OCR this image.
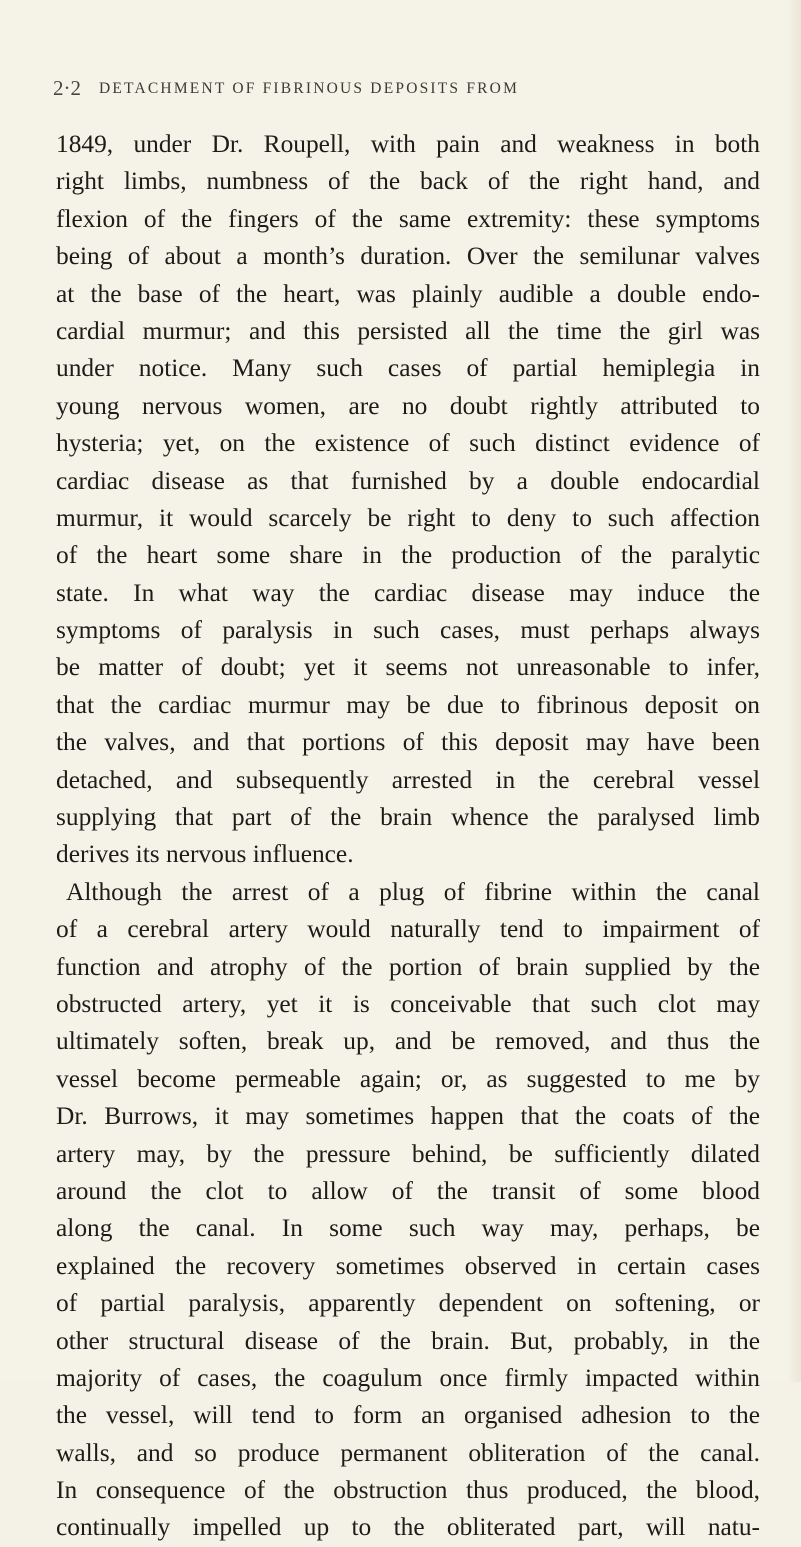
2·2 DETACHMENT OF FIBRINOUS DEPOSITS FROM
1849, under Dr. Roupell, with pain and weakness in both
right limbs, numbness of the back of the right hand, and
flexion of the fingers of the same extremity: these symptoms
being of about a month’s duration. Over the semilunar valves
at the base of the heart, was plainly audible a double endo-
cardial murmur; and this persisted all the time the girl was
under notice. Many such cases of partial hemiplegia in
young nervous women, are no doubt rightly attributed to
hysteria; yet, on the existence of such distinct evidence of
cardiac disease as that furnished by a double endocardial
murmur, it would scarcely be right to deny to such affection
of the heart some share in the production of the paralytic
state. In what way the cardiac disease may induce the
symptoms of paralysis in such cases, must perhaps always
be matter of doubt; yet it seems not unreasonable to infer,
that the cardiac murmur may be due to fibrinous deposit on
the valves, and that portions of this deposit may have been
detached, and subsequently arrested in the cerebral vessel
supplying that part of the brain whence the paralysed limb
derives its nervous influence.
Although the arrest of a plug of fibrine within the canal
of a cerebral artery would naturally tend to impairment of
function and atrophy of the portion of brain supplied by the
obstructed artery, yet it is conceivable that such clot may
ultimately soften, break up, and be removed, and thus the
vessel become permeable again; or, as suggested to me by
Dr. Burrows, it may sometimes happen that the coats of the
artery may, by the pressure behind, be sufficiently dilated
around the clot to allow of the transit of some blood
along the canal. In some such way may, perhaps, be
explained the recovery sometimes observed in certain cases
of partial paralysis, apparently dependent on softening, or
other structural disease of the brain. But, probably, in the
majority of cases, the coagulum once firmly impacted within
the vessel, will tend to form an organised adhesion to the
walls, and so produce permanent obliteration of the canal.
In consequence of the obstruction thus produced, the blood,
continually impelled up to the obliterated part, will natu-
